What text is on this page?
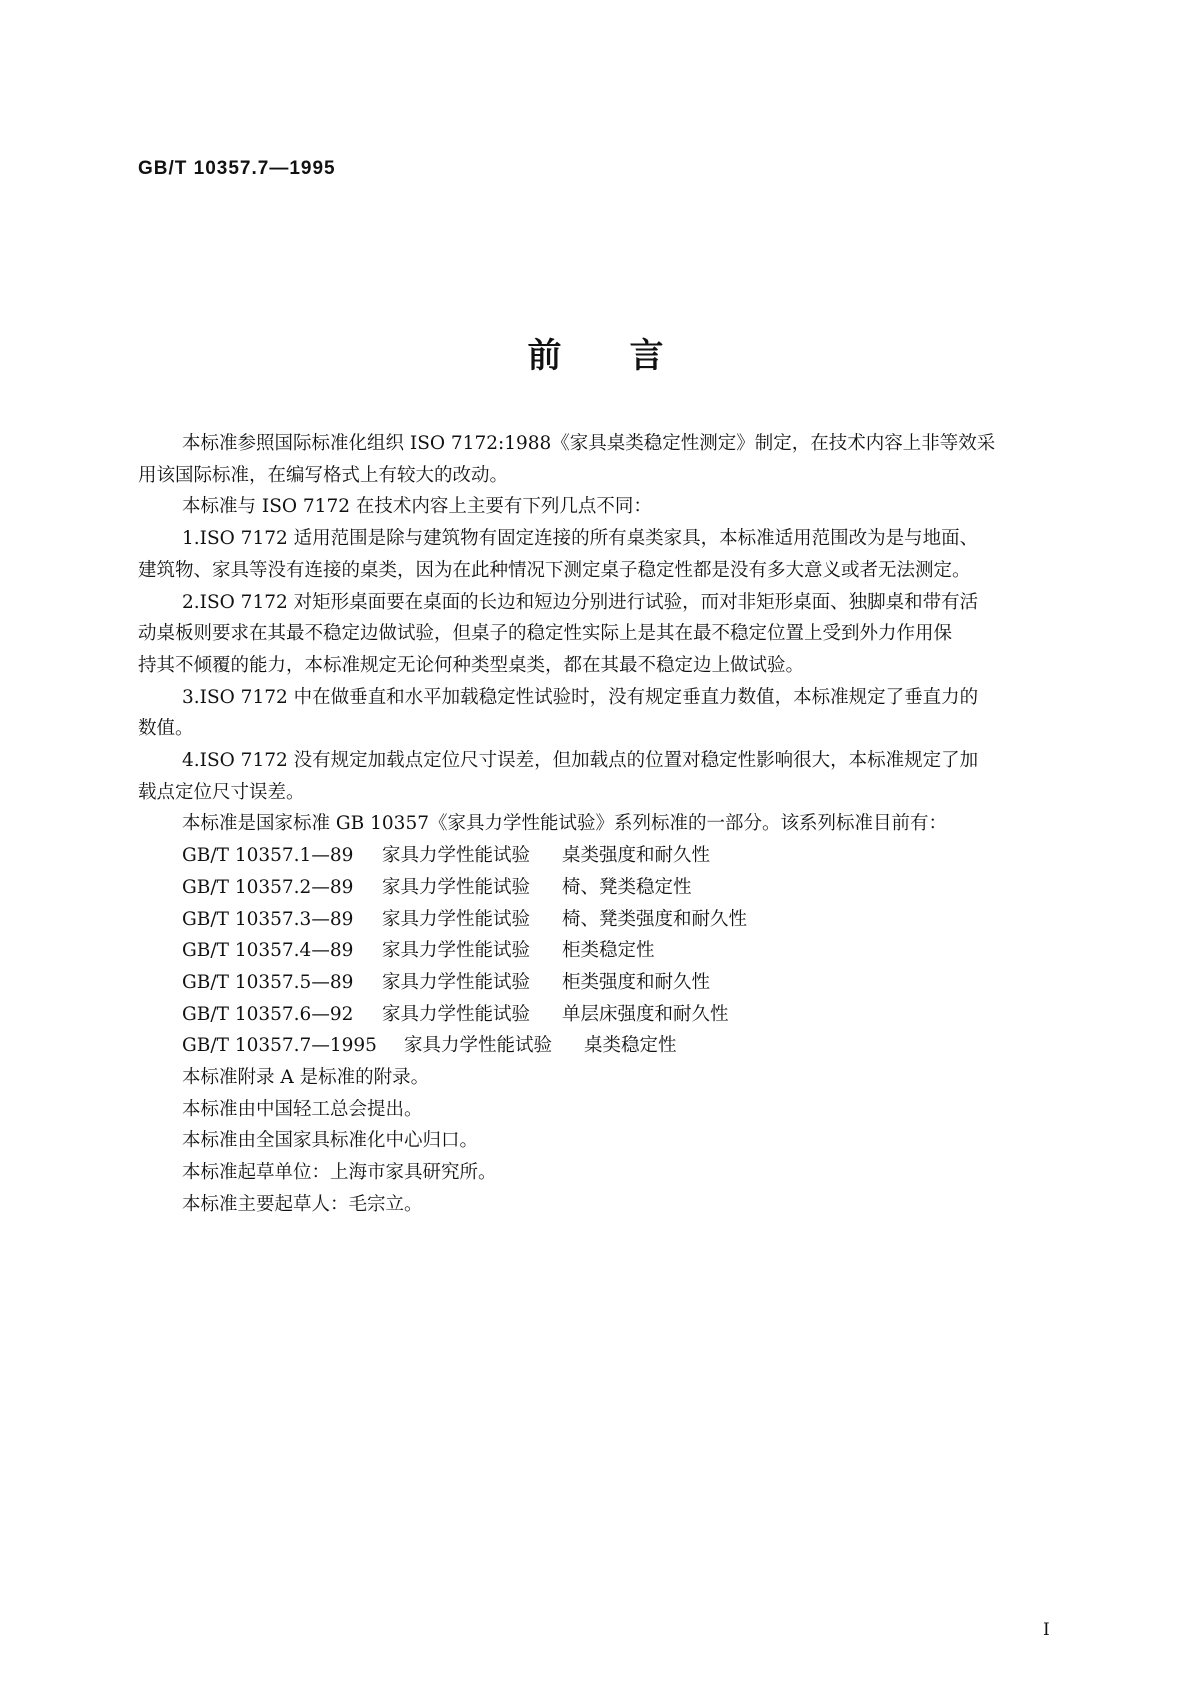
GB/T 10357.7—1995
前言

本标准参照国际标准化组织 ISO 7172:1988《家具桌类稳定性测定》制定，在技术内容上非等效采
用该国际标准，在编写格式上有较大的改动。

本标准与 ISO 7172 在技术内容上主要有下列几点不同：

1.ISO 7172 适用范围是除与建筑物有固定连接的所有桌类家具，本标准适用范围改为是与地面、
建筑物、家具等没有连接的桌类，因为在此种情况下测定桌子稳定性都是没有多大意义或者无法测定。

2.ISO 7172 对矩形桌面要在桌面的长边和短边分别进行试验，而对非矩形桌面、独脚桌和带有活
动桌板则要求在其最不稳定边做试验，但桌子的稳定性实际上是其在最不稳定位置上受到外力作用保
持其不倾覆的能力，本标准规定无论何种类型桌类，都在其最不稳定边上做试验。

3.ISO 7172 中在做垂直和水平加载稳定性试验时，没有规定垂直力数值，本标准规定了垂直力的
数值。

4.ISO 7172 没有规定加载点定位尺寸误差，但加载点的位置对稳定性影响很大，本标准规定了加
载点定位尺寸误差。

本标准是国家标准 GB 10357《家具力学性能试验》系列标准的一部分。该系列标准目前有：

GB/T 10357.1—89	家具力学性能试验	桌类强度和耐久性
GB/T 10357.2—89	家具力学性能试验	椅、凳类稳定性
GB/T 10357.3—89	家具力学性能试验	椅、凳类强度和耐久性
GB/T 10357.4—89	家具力学性能试验	柜类稳定性
GB/T 10357.5—89	家具力学性能试验	柜类强度和耐久性
GB/T 10357.6—92	家具力学性能试验	单层床强度和耐久性
GB/T 10357.7—1995	家具力学性能试验	桌类稳定性

本标准附录 A 是标准的附录。

本标准由中国轻工总会提出。

本标准由全国家具标准化中心归口。

本标准起草单位：上海市家具研究所。

本标准主要起草人：毛宗立。

I
